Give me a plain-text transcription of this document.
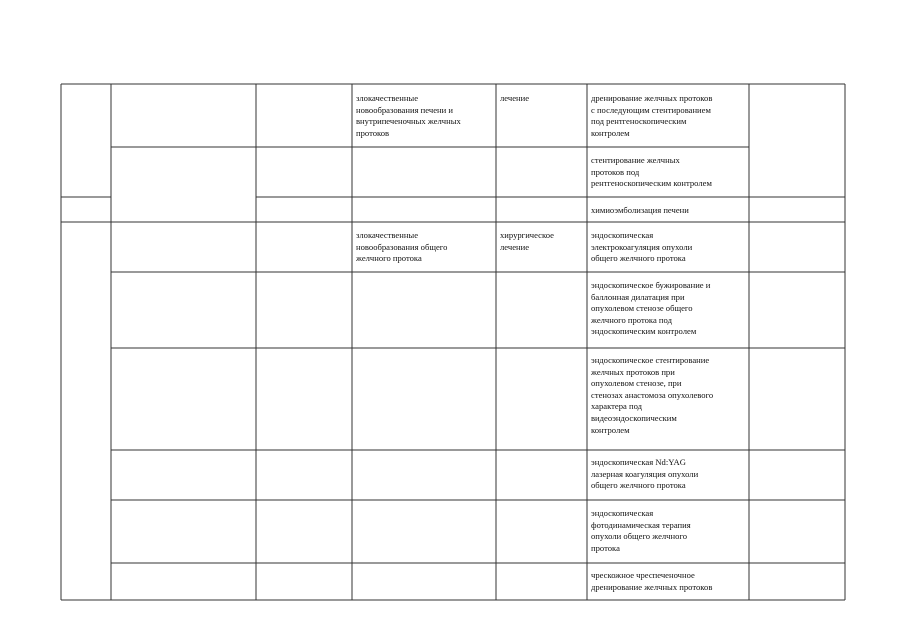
злокачественные
новообразования печени и
внутрипеченочных желчных
протоков
лечение	дренирование желчных протоков
с последующим стентированием
под рентгеноскопическим
контролем
стентирование желчных
протоков под
рентгеноскопическим контролем
химиоэмболизация печени
злокачественные
новообразования общего
желчного протока
хирургическое
лечение
эндоскопическая
электрокоагуляция опухоли
общего желчного протока
эндоскопическое бужирование и
баллонная дилатация при
опухолевом стенозе общего
желчного протока под
эндоскопическим контролем
эндоскопическое стентирование
желчных протоков при
опухолевом стенозе, при
стенозах анастомоза опухолевого
характера под
видеоэндоскопическим
контролем
эндоскопическая Nd:YAG
лазерная коагуляция опухоли
общего желчного протока
эндоскопическая
фотодинамическая терапия
опухоли общего желчного
протока
чрескожное чреспеченочное
дренирование желчных протоков
